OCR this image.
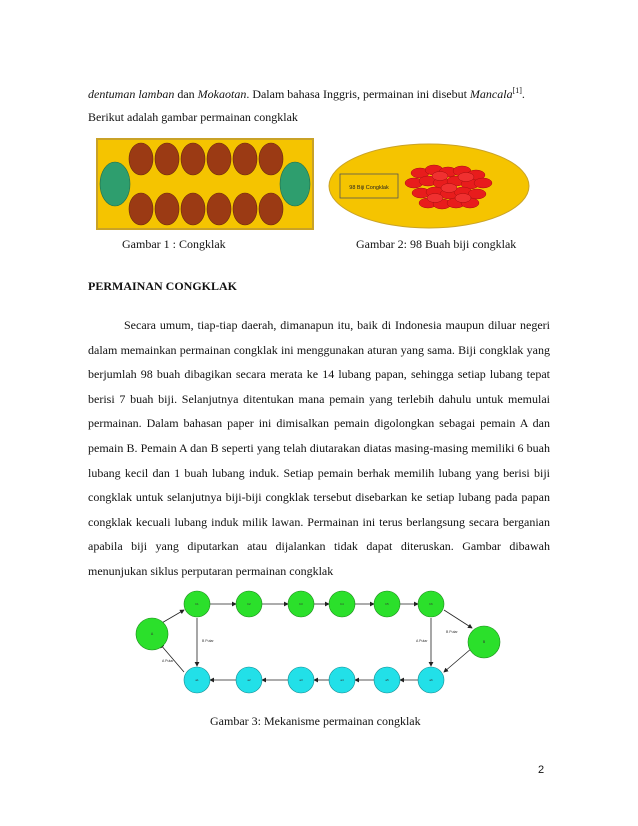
dentuman lamban dan Mokaotan. Dalam bahasa Inggris, permainan ini disebut Mancala[1].
Berikut adalah gambar permainan congklak
98 Biji Congklak
Gambar 1 : Congklak	Gambar 2: 98 Buah biji congklak
PERMAINAN CONGKLAK
Secara umum, tiap-tiap daerah, dimanapun itu, baik di Indonesia maupun diluar negeri dalam memainkan permainan congklak ini menggunakan aturan yang sama. Biji congklak yang berjumlah 98 buah dibagikan secara merata ke 14 lubang papan, sehingga setiap lubang tepat berisi 7 buah biji. Selanjutnya ditentukan mana pemain yang terlebih dahulu untuk memulai permainan. Dalam bahasan paper ini dimisalkan pemain digolongkan sebagai pemain A dan pemain B. Pemain A dan B seperti yang telah diutarakan diatas masing-masing memiliki 6 buah lubang kecil dan 1 buah lubang induk. Setiap pemain berhak memilih lubang yang berisi biji congklak untuk selanjutnya biji-biji congklak tersebut disebarkan ke setiap lubang pada papan congklak kecuali lubang induk milik lawan. Permainan ini terus berlangsung secara berganian apabila biji yang diputarkan atau dijalankan tidak dapat diteruskan. Gambar dibawah menunjukan siklus perputaran permainan congklak
b1	b2	b3	b4	b5	b6
a1	a2	a3	a4	a5	a6
A
B
A Putar
B Putar	A Putar
B Putar
Gambar 3: Mekanisme permainan congklak
2
